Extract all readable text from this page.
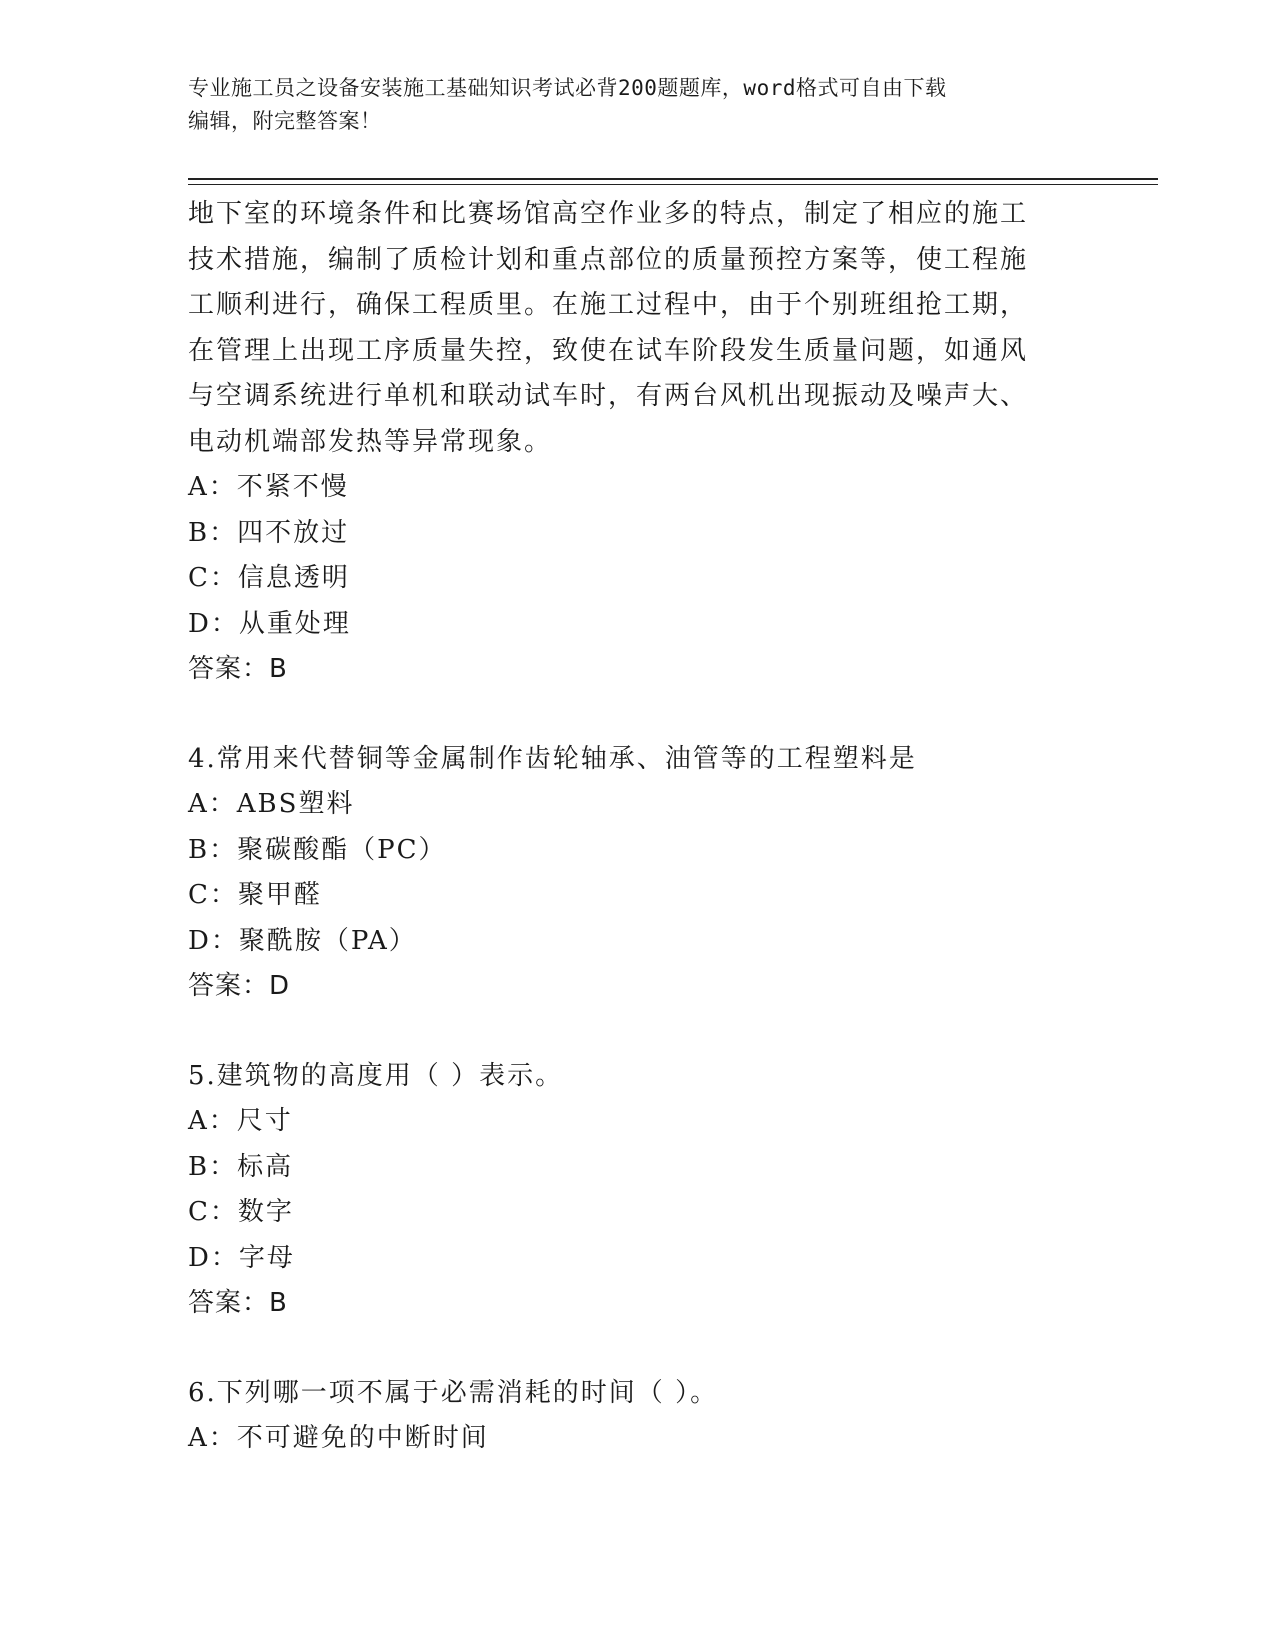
专业施工员之设备安装施工基础知识考试必背200题题库，word格式可自由下载
编辑，附完整答案！
地下室的环境条件和比赛场馆高空作业多的特点，制定了相应的施工
技术措施，编制了质检计划和重点部位的质量预控方案等，使工程施
工顺利进行，确保工程质里。在施工过程中，由于个别班组抢工期，
在管理上出现工序质量失控，致使在试车阶段发生质量问题，如通风
与空调系统进行单机和联动试车时，有两台风机出现振动及噪声大、
电动机端部发热等异常现象。
A：不紧不慢
B：四不放过
C：信息透明
D：从重处理
答案：B
4.常用来代替铜等金属制作齿轮轴承、油管等的工程塑料是
A：ABS塑料
B：聚碳酸酯（PC）
C：聚甲醛
D：聚酰胺（PA）
答案：D
5.建筑物的高度用（ ）表示。
A：尺寸
B：标高
C：数字
D：字母
答案：B
6.下列哪一项不属于必需消耗的时间（ ）。
A：不可避免的中断时间
